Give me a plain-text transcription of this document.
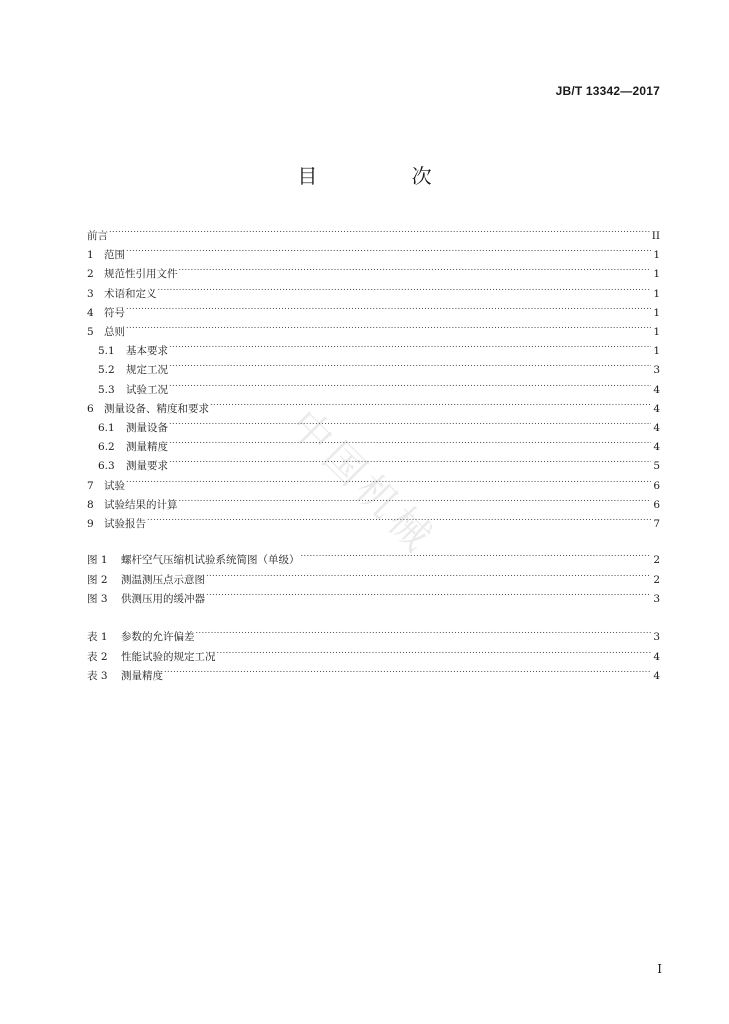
JB/T 13342—2017
目 次
中国机械
前言 .....	II
1 范围 .....	1
2 规范性引用文件 .....	1
3 术语和定义 .....	1
4 符号 .....	1
5 总则 .....	1
5.1	基本要求 .....	1
5.2	规定工况 .....	3
5.3	试验工况 .....	4
6 测量设备、精度和要求 .....	4
6.1	测量设备 .....	4
6.2	测量精度 .....	4
6.3	测量要求 .....	5
7 试验 .....	6
8 试验结果的计算 .....	6
9 试验报告 .....	7
图 1	螺杆空气压缩机试验系统简图（单级） .....	2
图 2	测温测压点示意图 .....	2
图 3	供测压用的缓冲器 .....	3
表 1	参数的允许偏差 .....	3
表 2	性能试验的规定工况 .....	4
表 3	测量精度 .....	4
I
